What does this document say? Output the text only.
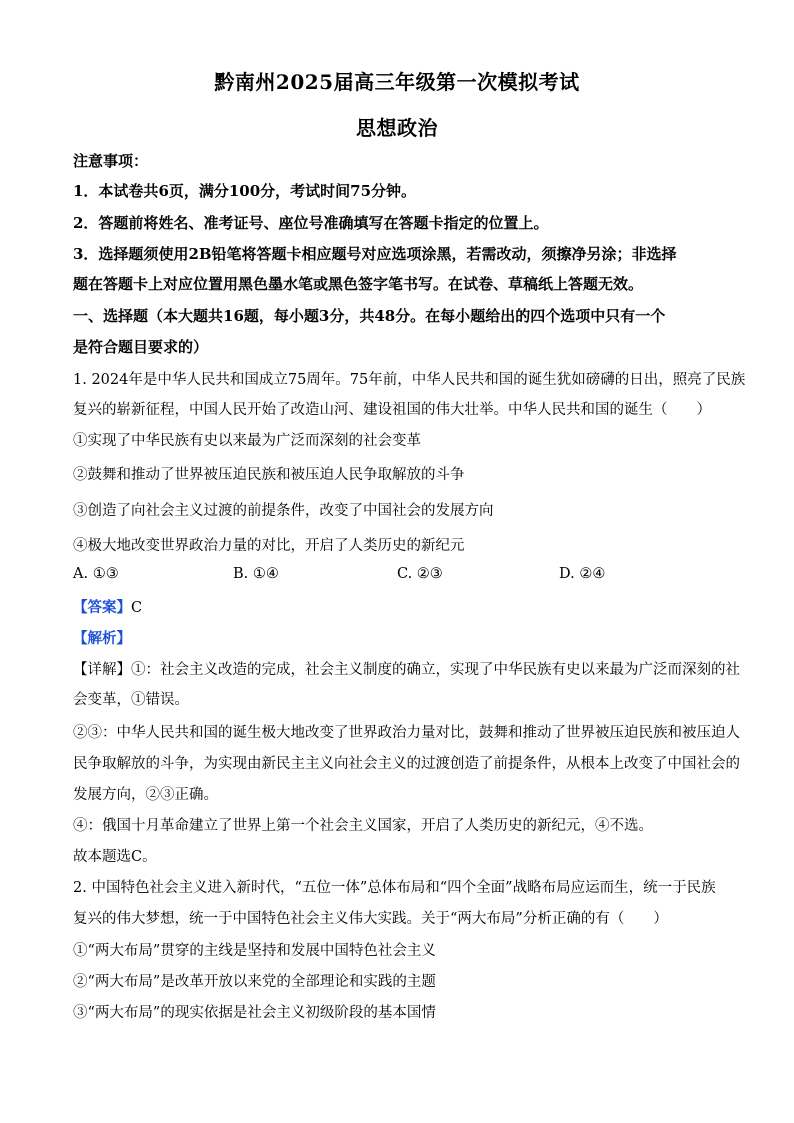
黔南州2025届高三年级第一次模拟考试
思想政治
注意事项：
1．本试卷共6页，满分100分，考试时间75分钟。
2．答题前将姓名、准考证号、座位号准确填写在答题卡指定的位置上。
3．选择题须使用2B铅笔将答题卡相应题号对应选项涂黑，若需改动，须擦净另涂；非选择
题在答题卡上对应位置用黑色墨水笔或黑色签字笔书写。在试卷、草稿纸上答题无效。
一、选择题（本大题共16题，每小题3分，共48分。在每小题给出的四个选项中只有一个
是符合题目要求的）
1. 2024年是中华人民共和国成立75周年。75年前，中华人民共和国的诞生犹如磅礴的日出，照亮了民族
复兴的崭新征程，中国人民开始了改造山河、建设祖国的伟大壮举。中华人民共和国的诞生（　　）
①实现了中华民族有史以来最为广泛而深刻的社会变革
②鼓舞和推动了世界被压迫民族和被压迫人民争取解放的斗争
③创造了向社会主义过渡的前提条件，改变了中国社会的发展方向
④极大地改变世界政治力量的对比，开启了人类历史的新纪元
A. ①③	B. ①④	C. ②③	D. ②④
【答案】C
【解析】
【详解】①：社会主义改造的完成，社会主义制度的确立，实现了中华民族有史以来最为广泛而深刻的社
会变革，①错误。
②③：中华人民共和国的诞生极大地改变了世界政治力量对比，鼓舞和推动了世界被压迫民族和被压迫人
民争取解放的斗争，为实现由新民主主义向社会主义的过渡创造了前提条件，从根本上改变了中国社会的
发展方向，②③正确。
④：俄国十月革命建立了世界上第一个社会主义国家，开启了人类历史的新纪元，④不选。
故本题选C。
2. 中国特色社会主义进入新时代，“五位一体”总体布局和“四个全面”战略布局应运而生，统一于民族
复兴的伟大梦想，统一于中国特色社会主义伟大实践。关于“两大布局”分析正确的有（　　）
①“两大布局”贯穿的主线是坚持和发展中国特色社会主义
②“两大布局”是改革开放以来党的全部理论和实践的主题
③“两大布局”的现实依据是社会主义初级阶段的基本国情
